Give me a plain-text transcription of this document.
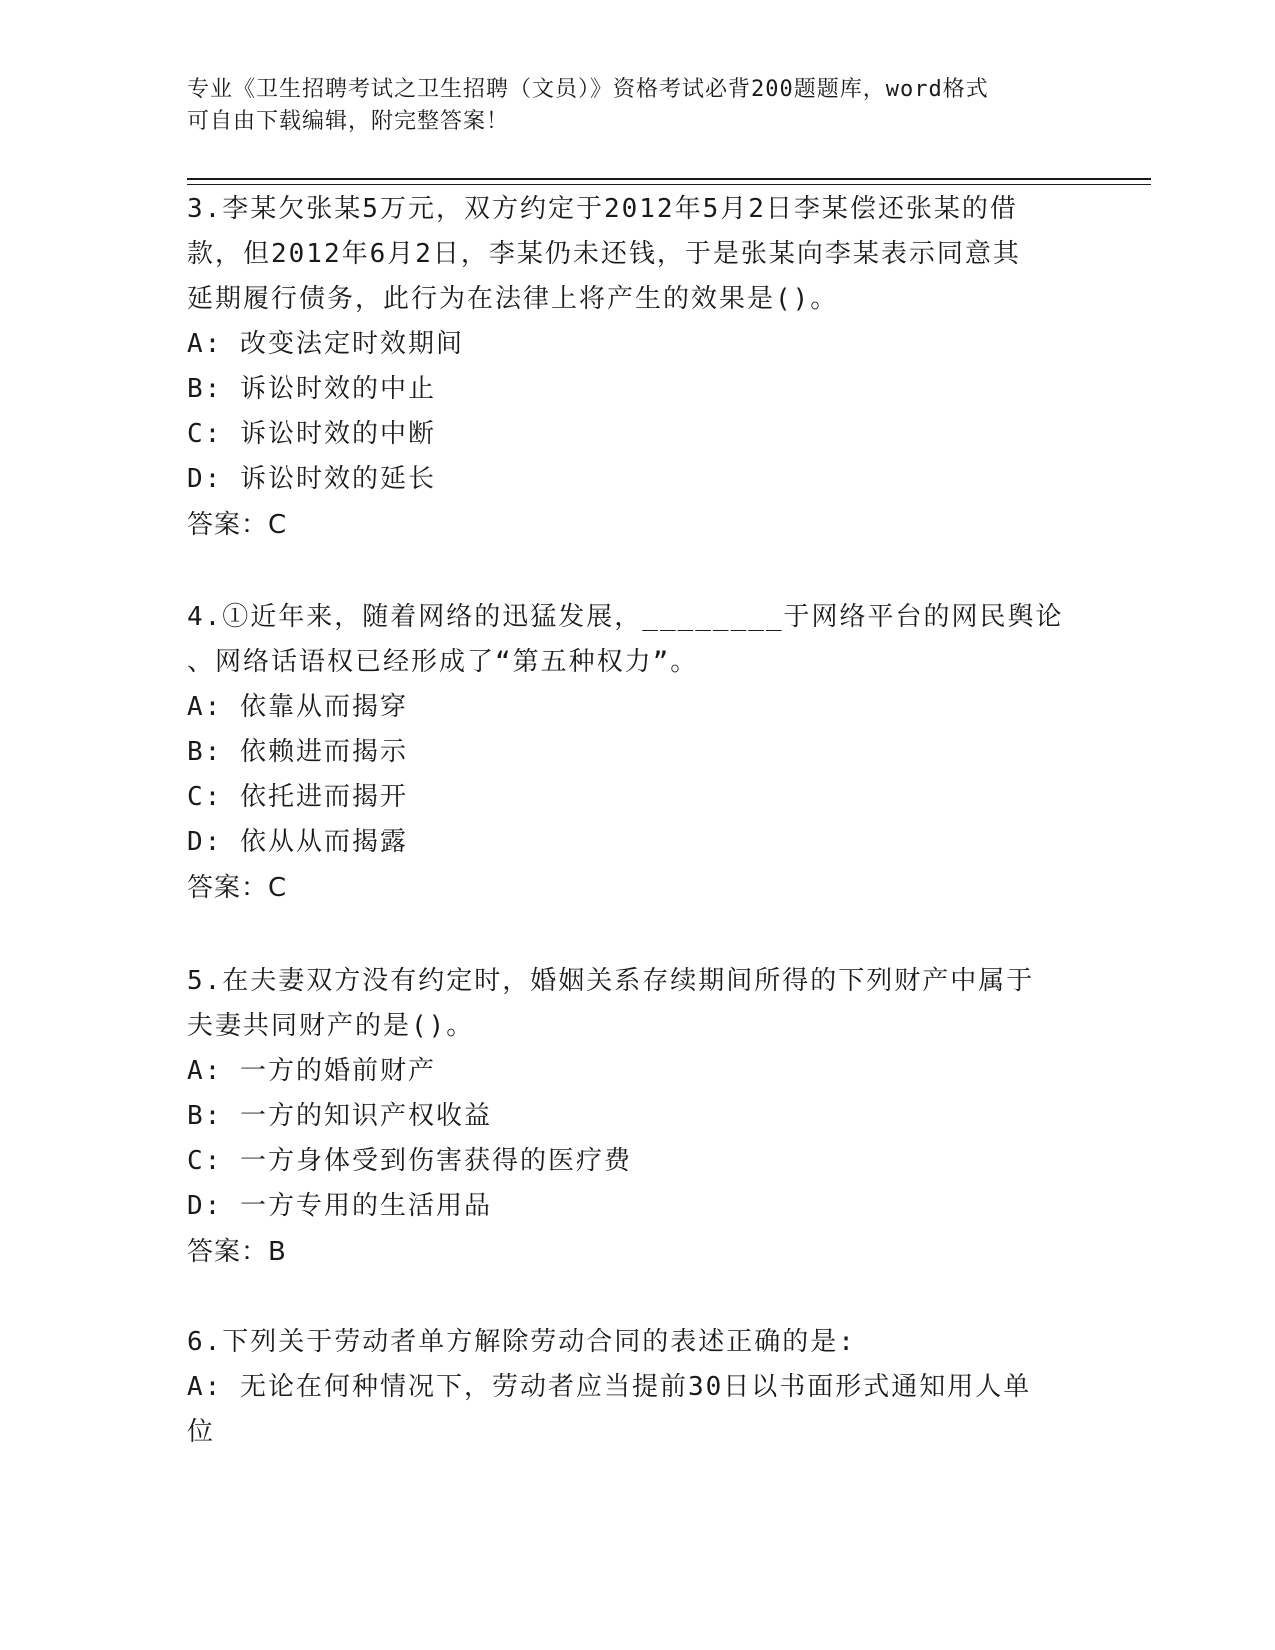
专业《卫生招聘考试之卫生招聘（文员）》资格考试必背200题题库，word格式
可自由下载编辑，附完整答案！
3.李某欠张某5万元，双方约定于2012年5月2日李某偿还张某的借
款，但2012年6月2日，李某仍未还钱，于是张某向李某表示同意其
延期履行债务，此行为在法律上将产生的效果是()。
A: 改变法定时效期间
B: 诉讼时效的中止
C: 诉讼时效的中断
D: 诉讼时效的延长
答案：C
4.①近年来，随着网络的迅猛发展，________于网络平台的网民舆论
、网络话语权已经形成了“第五种权力”。
A: 依靠从而揭穿
B: 依赖进而揭示
C: 依托进而揭开
D: 依从从而揭露
答案：C
5.在夫妻双方没有约定时，婚姻关系存续期间所得的下列财产中属于
夫妻共同财产的是()。
A: 一方的婚前财产
B: 一方的知识产权收益
C: 一方身体受到伤害获得的医疗费
D: 一方专用的生活用品
答案：B
6.下列关于劳动者单方解除劳动合同的表述正确的是:
A: 无论在何种情况下，劳动者应当提前30日以书面形式通知用人单
位
